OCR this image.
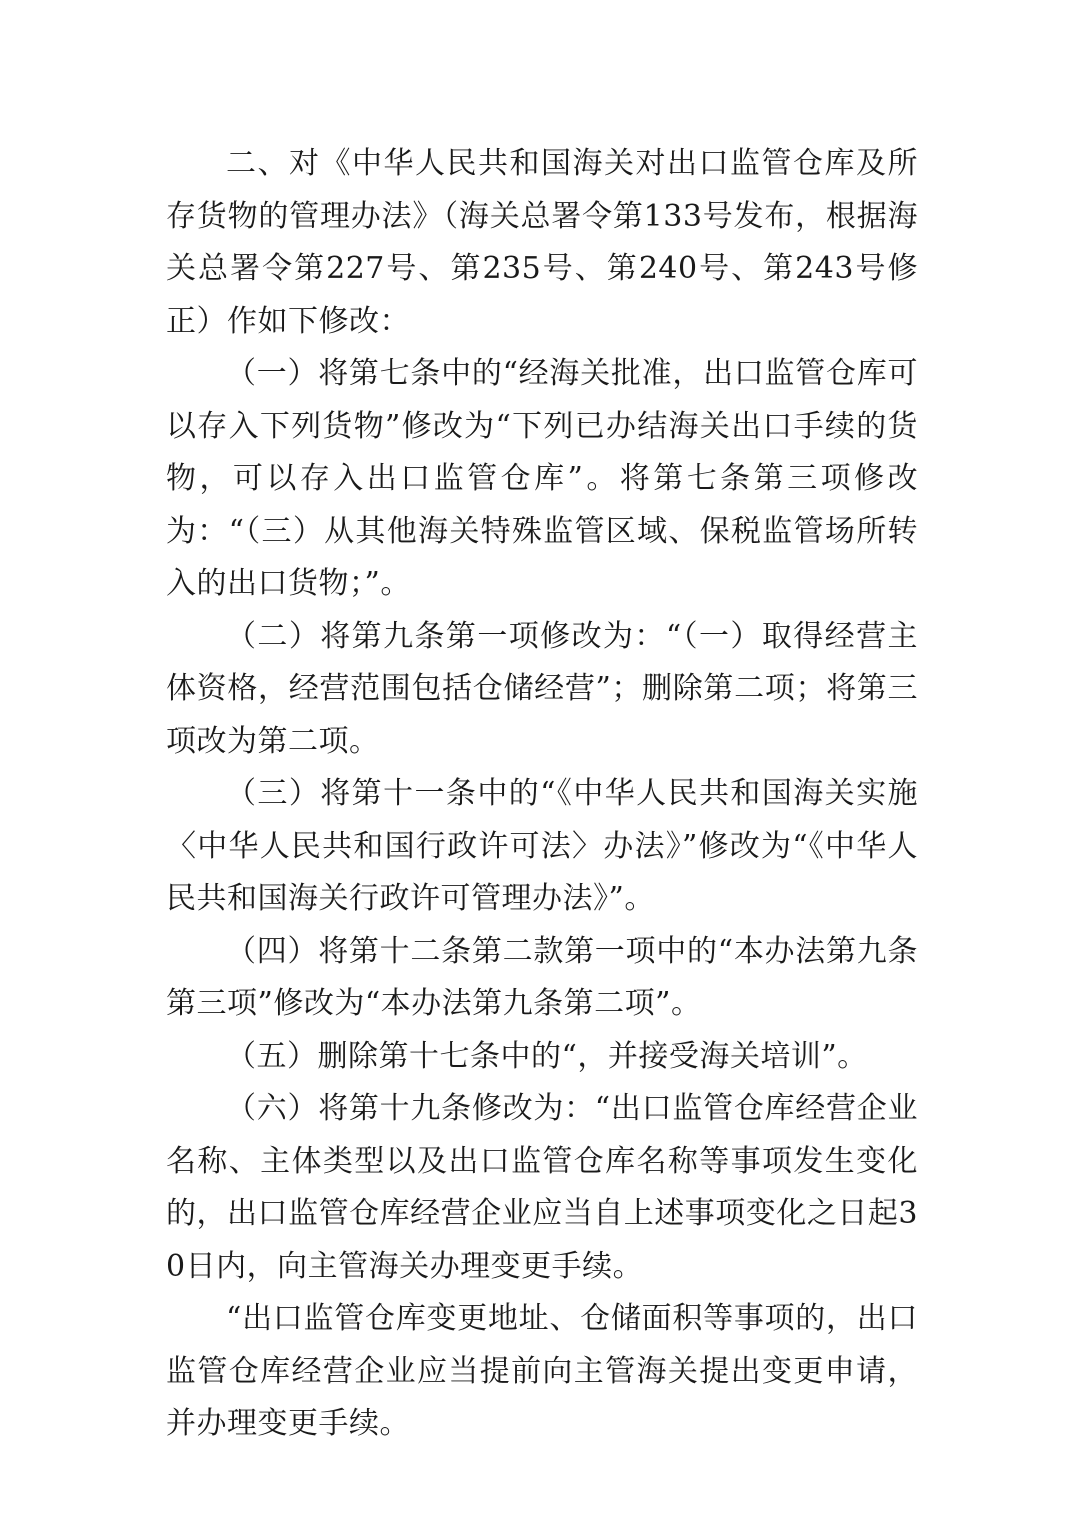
二、对《中华人民共和国海关对出口监管仓库及所存货物的管理办法》（海关总署令第133号发布，根据海关总署令第227号、第235号、第240号、第243号修正）作如下修改：

（一）将第七条中的“经海关批准，出口监管仓库可以存入下列货物”修改为“下列已办结海关出口手续的货物，可以存入出口监管仓库”。将第七条第三项修改为：“（三）从其他海关特殊监管区域、保税监管场所转入的出口货物；”。

（二）将第九条第一项修改为：“（一）取得经营主体资格，经营范围包括仓储经营”；删除第二项；将第三项改为第二项。

（三）将第十一条中的“《中华人民共和国海关实施〈中华人民共和国行政许可法〉办法》”修改为“《中华人民共和国海关行政许可管理办法》”。

（四）将第十二条第二款第一项中的“本办法第九条第三项”修改为“本办法第九条第二项”。

（五）删除第十七条中的“，并接受海关培训”。

（六）将第十九条修改为：“出口监管仓库经营企业名称、主体类型以及出口监管仓库名称等事项发生变化的，出口监管仓库经营企业应当自上述事项变化之日起30日内，向主管海关办理变更手续。

“出口监管仓库变更地址、仓储面积等事项的，出口监管仓库经营企业应当提前向主管海关提出变更申请，并办理变更手续。
